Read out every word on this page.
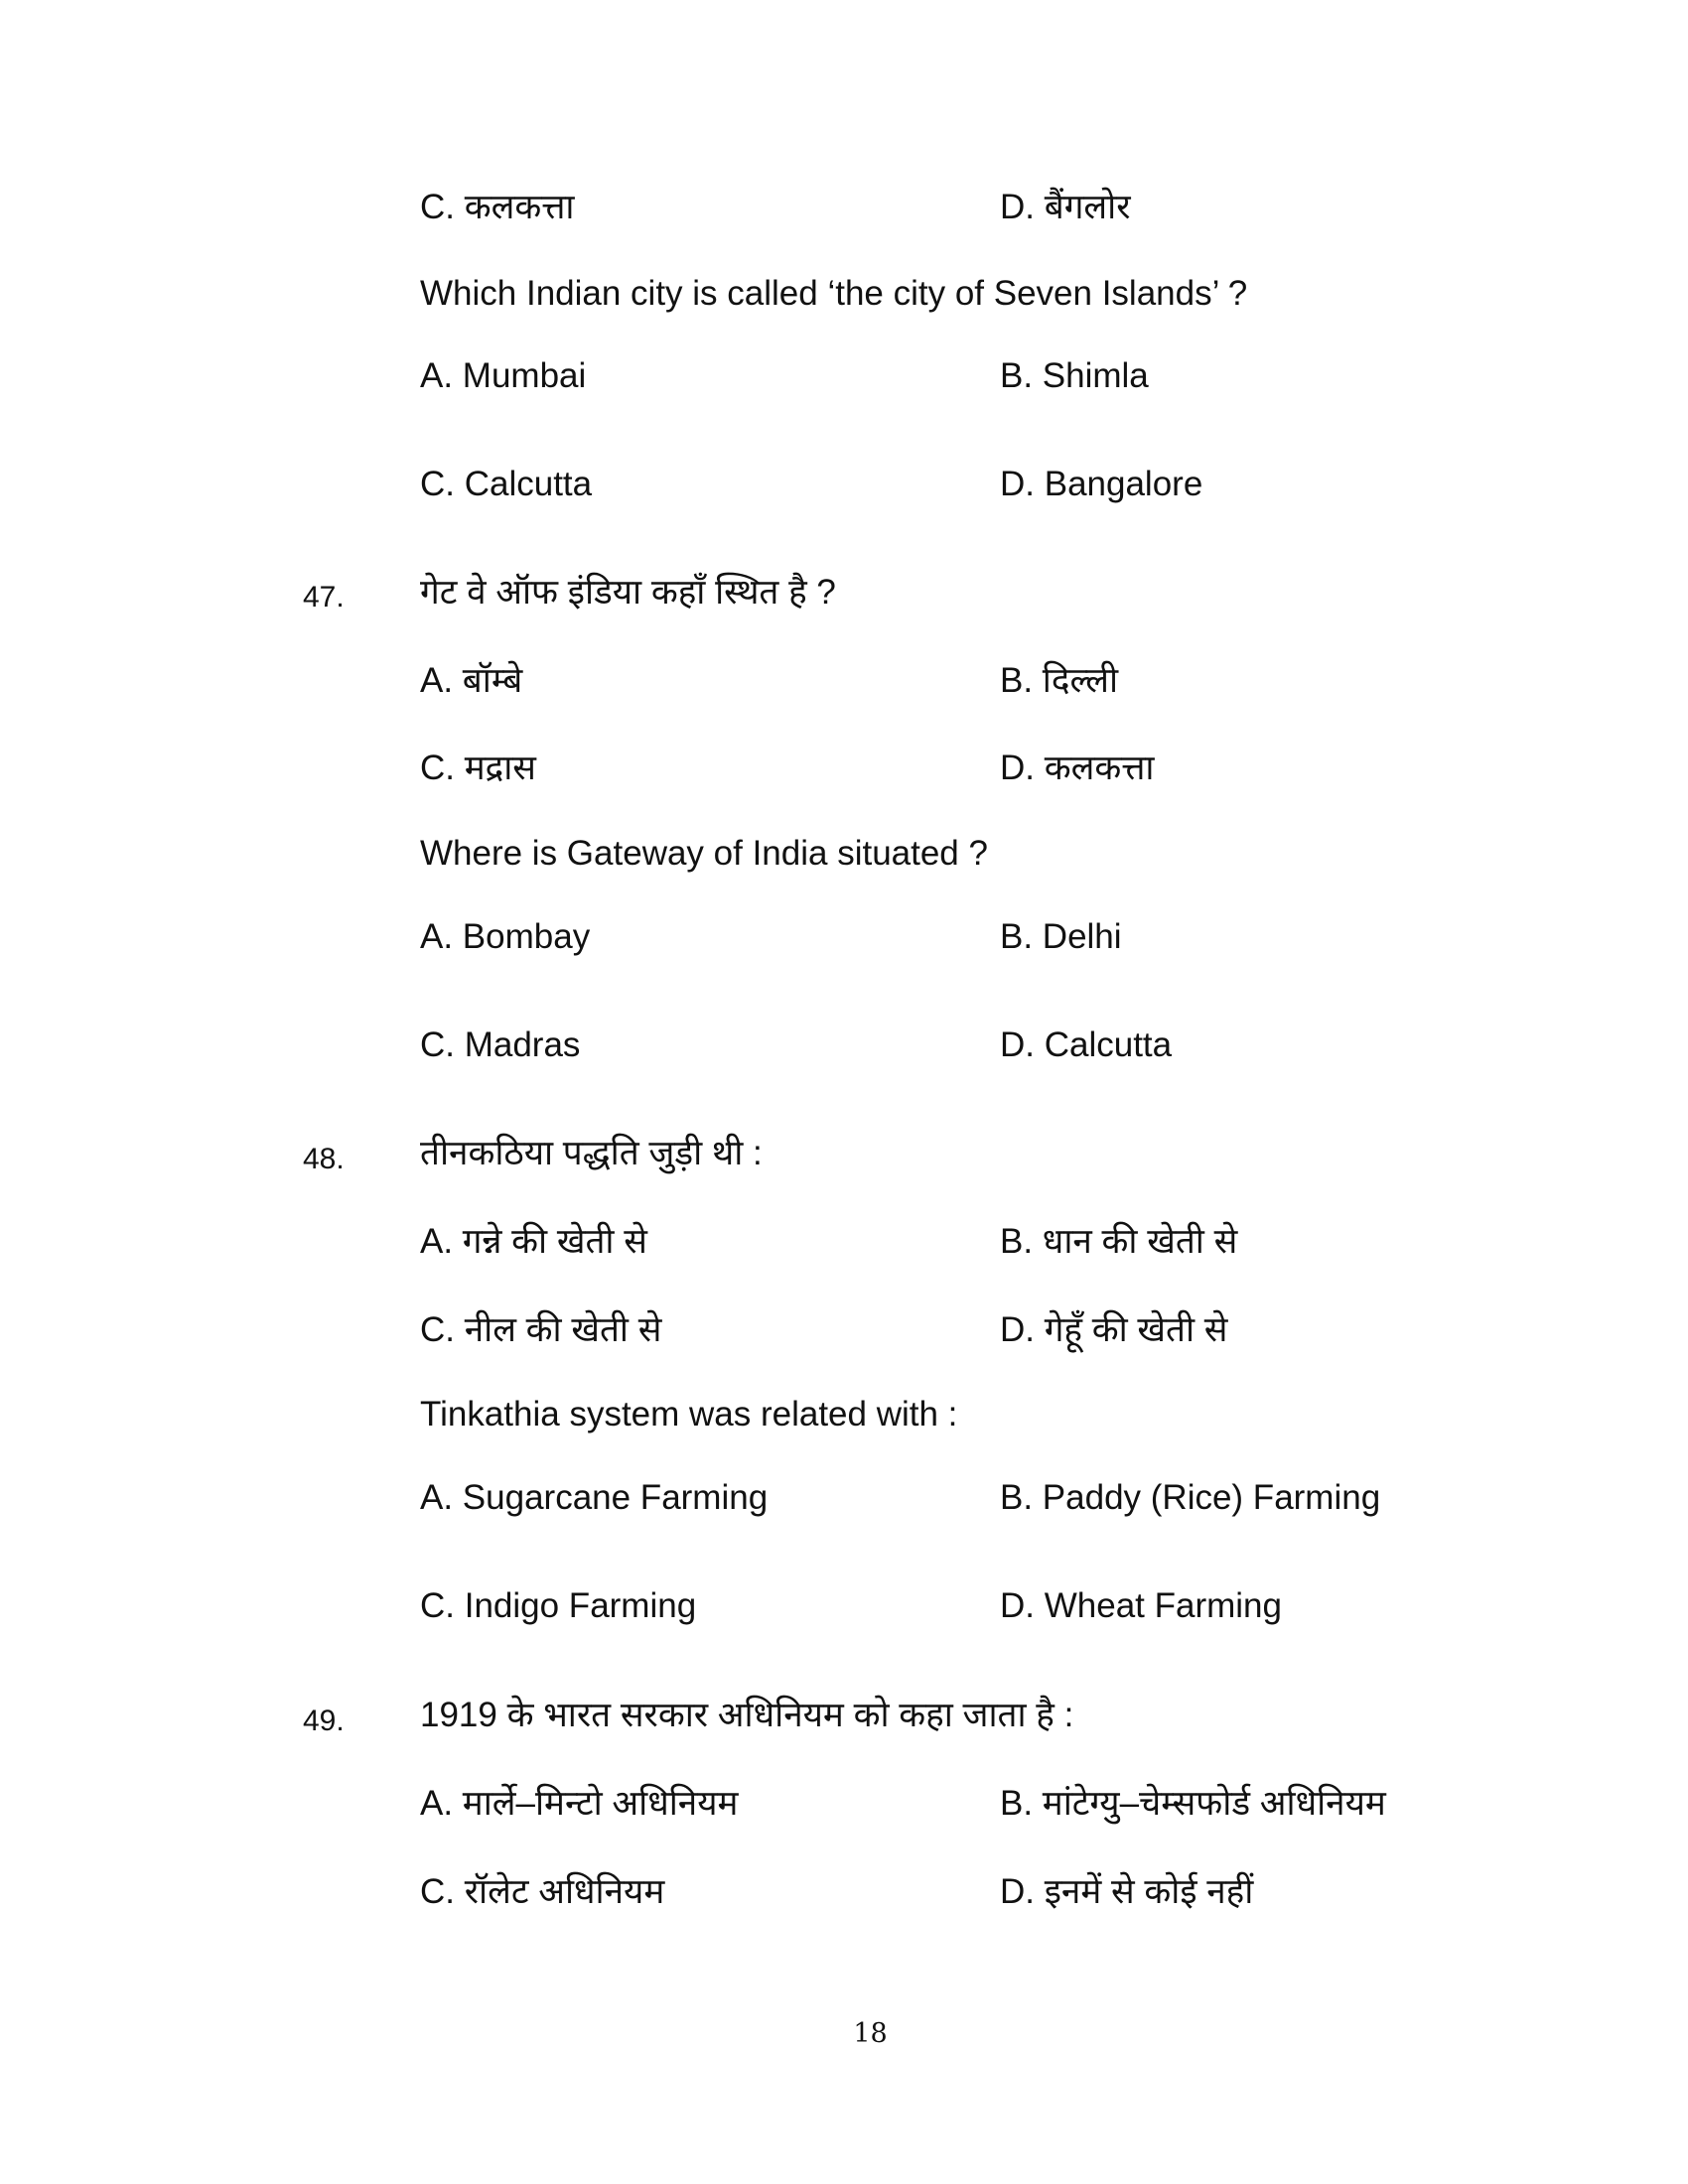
C. कलकत्ता	D. बैंगलोर
Which Indian city is called ‘the city of Seven Islands’ ?
A. Mumbai	B. Shimla
C. Calcutta	D. Bangalore
47. गेट वे ऑफ इंडिया कहाँ स्थित है ?
A. बॉम्बे	B. दिल्ली
C. मद्रास	D. कलकत्ता
Where is Gateway of India situated ?
A. Bombay	B. Delhi
C. Madras	D. Calcutta
48. तीनकठिया पद्धति जुड़ी थी :
A. गन्ने की खेती से	B. धान की खेती से
C. नील की खेती से	D. गेहूँ की खेती से
Tinkathia system was related with :
A. Sugarcane Farming	B. Paddy (Rice) Farming
C. Indigo Farming	D. Wheat Farming
49. 1919 के भारत सरकार अधिनियम को कहा जाता है :
A. मार्ले–मिन्टो अधिनियम	B. मांटेग्यु–चेम्सफोर्ड अधिनियम
C. रॉलेट अधिनियम	D. इनमें से कोई नहीं
18
